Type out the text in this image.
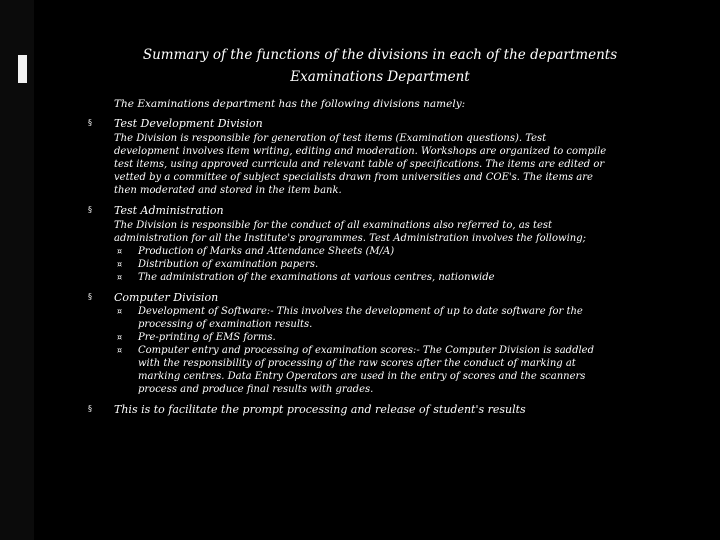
Summary of the functions of the divisions in each of the departments
Examinations Department
The Examinations department has the following divisions namely:
§ Test Development Division
The Division is responsible for generation of test items (Examination questions). Test
development involves item writing, editing and moderation. Workshops are organized to compile
test items, using approved curricula and relevant table of specifications. The items are edited or
vetted by a committee of subject specialists drawn from universities and COE's. The items are
then moderated and stored in the item bank.
§ Test Administration
The Division is responsible for the conduct of all examinations also referred to, as test
administration for all the Institute's programmes. Test Administration involves the following;
¤ Production of Marks and Attendance Sheets (M/A)
¤ Distribution of examination papers.
¤ The administration of the examinations at various centres, nationwide
§ Computer Division
¤ Development of Software:- This involves the development of up to date software for the
processing of examination results.
¤ Pre-printing of EMS forms.
¤ Computer entry and processing of examination scores:- The Computer Division is saddled
with the responsibility of processing of the raw scores after the conduct of marking at
marking centres. Data Entry Operators are used in the entry of scores and the scanners
process and produce final results with grades.
§ This is to facilitate the prompt processing and release of student's results
